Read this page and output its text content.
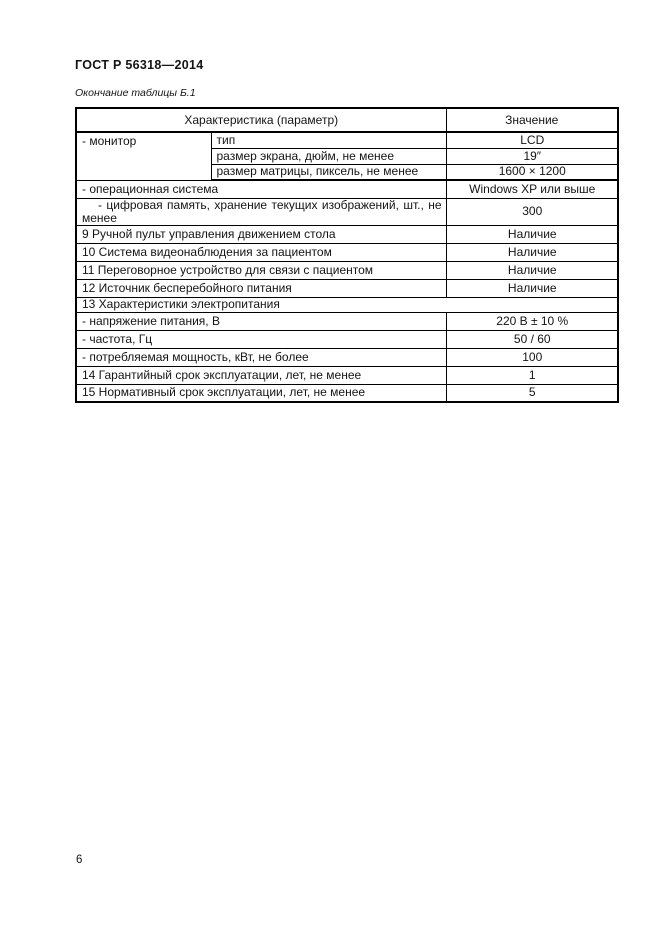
ГОСТ Р 56318—2014
Окончание таблицы Б.1
Характеристика (параметр)		Значение
- монитор	тип	LCD
	размер экрана, дюйм, не менее	19″
	размер матрицы, пиксель, не менее	1600 × 1200
- операционная система		Windows XP или выше
- цифровая память, хранение текущих изображений, шт., не менее		300
9 Ручной пульт управления движением стола		Наличие
10 Система видеонаблюдения за пациентом		Наличие
11 Переговорное устройство для связи с пациентом		Наличие
12 Источник бесперебойного питания		Наличие
13 Характеристики электропитания		
- напряжение питания, В		220 В ± 10 %
- частота, Гц		50 / 60
- потребляемая мощность, кВт, не более		100
14 Гарантийный срок эксплуатации, лет, не менее		1
15 Нормативный срок эксплуатации, лет, не менее		5
6
